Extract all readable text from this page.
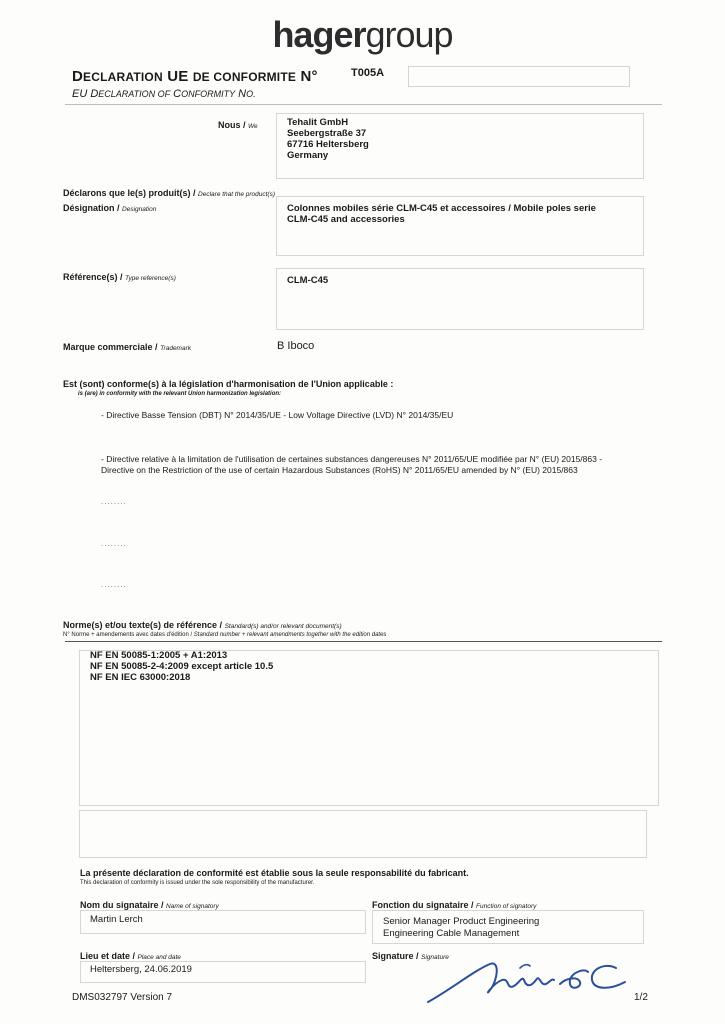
hagergroup
DECLARATION UE DE CONFORMITE N°	T005A
EU DECLARATION OF CONFORMITY NO.
Nous / We	Tehalit GmbH
Seebergstraße 37
67716 Heltersberg
Germany
Déclarons que le(s) produit(s) / Declare that the product(s)
Désignation / Designation	Colonnes mobiles série CLM-C45 et accessoires / Mobile poles serie
CLM-C45 and accessories
Référence(s) / Type reference(s)	CLM-C45
Marque commerciale / Trademark	B Iboco
Est (sont) conforme(s) à la législation d'harmonisation de l'Union applicable :
is (are) in conformity with the relevant Union harmonization legislation:
- Directive Basse Tension (DBT) N° 2014/35/UE - Low Voltage Directive (LVD) N° 2014/35/EU
- Directive relative à la limitation de l'utilisation de certaines substances dangereuses N° 2011/65/UE modifiée par N° (EU) 2015/863 -
Directive on the Restriction of the use of certain Hazardous Substances (RoHS) N° 2011/65/EU amended by N° (EU) 2015/863
........
........
........
Norme(s) et/ou texte(s) de référence / Standard(s) and/or relevant document(s)
N° Norme + amendements avec dates d'édition / Standard number + relevant amendments together with the edition dates
NF EN 50085-1:2005 + A1:2013
NF EN 50085-2-4:2009 except article 10.5
NF EN IEC 63000:2018
La présente déclaration de conformité est établie sous la seule responsabilité du fabricant.
This declaration of conformity is issued under the sole responsibility of the manufacturer.
Nom du signataire / Name of signatory
Martin Lerch
Fonction du signataire / Function of signatory
Senior Manager Product Engineering
Engineering Cable Management
Lieu et date / Place and date
Heltersberg, 24.06.2019
Signature / Signature
DMS032797 Version 7	1/2
